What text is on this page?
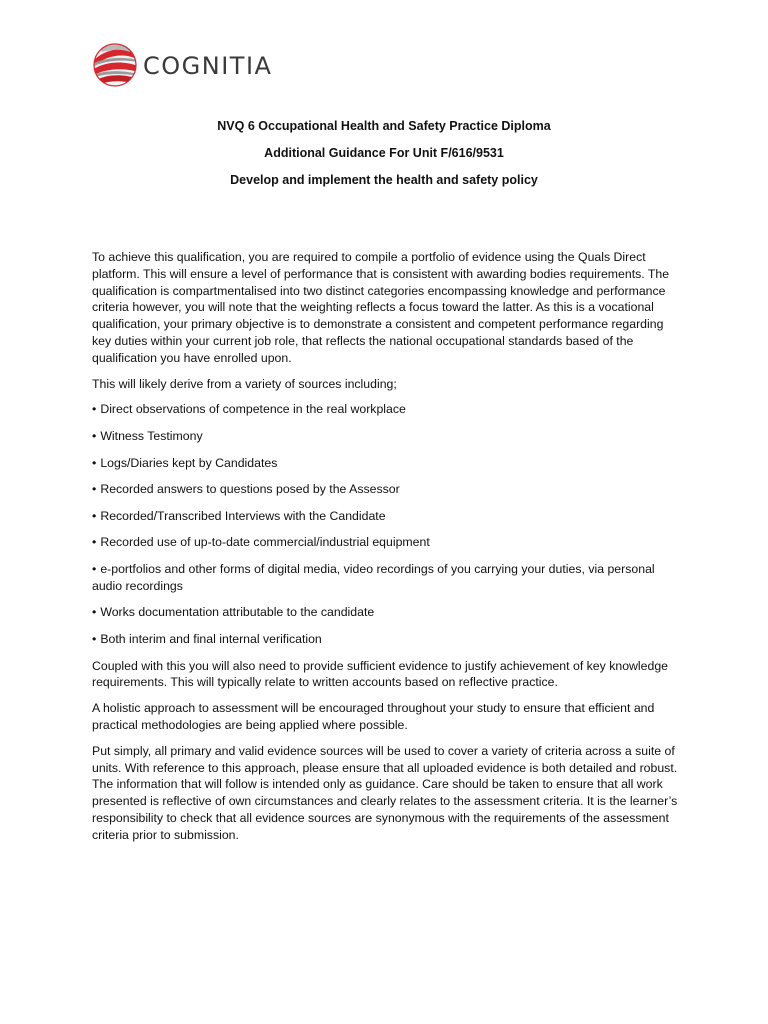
COGNITIA
NVQ 6 Occupational Health and Safety Practice Diploma
Additional Guidance For Unit F/616/9531
Develop and implement the health and safety policy

To achieve this qualification, you are required to compile a portfolio of evidence using the Quals Direct platform. This will ensure a level of performance that is consistent with awarding bodies requirements. The qualification is compartmentalised into two distinct categories encompassing knowledge and performance criteria however, you will note that the weighting reflects a focus toward the latter. As this is a vocational qualification, your primary objective is to demonstrate a consistent and competent performance regarding key duties within your current job role, that reflects the national occupational standards based of the qualification you have enrolled upon.

This will likely derive from a variety of sources including;

• Direct observations of competence in the real workplace
• Witness Testimony
• Logs/Diaries kept by Candidates
• Recorded answers to questions posed by the Assessor
• Recorded/Transcribed Interviews with the Candidate
• Recorded use of up-to-date commercial/industrial equipment
• e-portfolios and other forms of digital media, video recordings of you carrying your duties, via personal audio recordings
• Works documentation attributable to the candidate
• Both interim and final internal verification

Coupled with this you will also need to provide sufficient evidence to justify achievement of key knowledge requirements. This will typically relate to written accounts based on reflective practice.

A holistic approach to assessment will be encouraged throughout your study to ensure that efficient and practical methodologies are being applied where possible.

Put simply, all primary and valid evidence sources will be used to cover a variety of criteria across a suite of units. With reference to this approach, please ensure that all uploaded evidence is both detailed and robust. The information that will follow is intended only as guidance. Care should be taken to ensure that all work presented is reflective of own circumstances and clearly relates to the assessment criteria. It is the learner’s responsibility to check that all evidence sources are synonymous with the requirements of the assessment criteria prior to submission.
